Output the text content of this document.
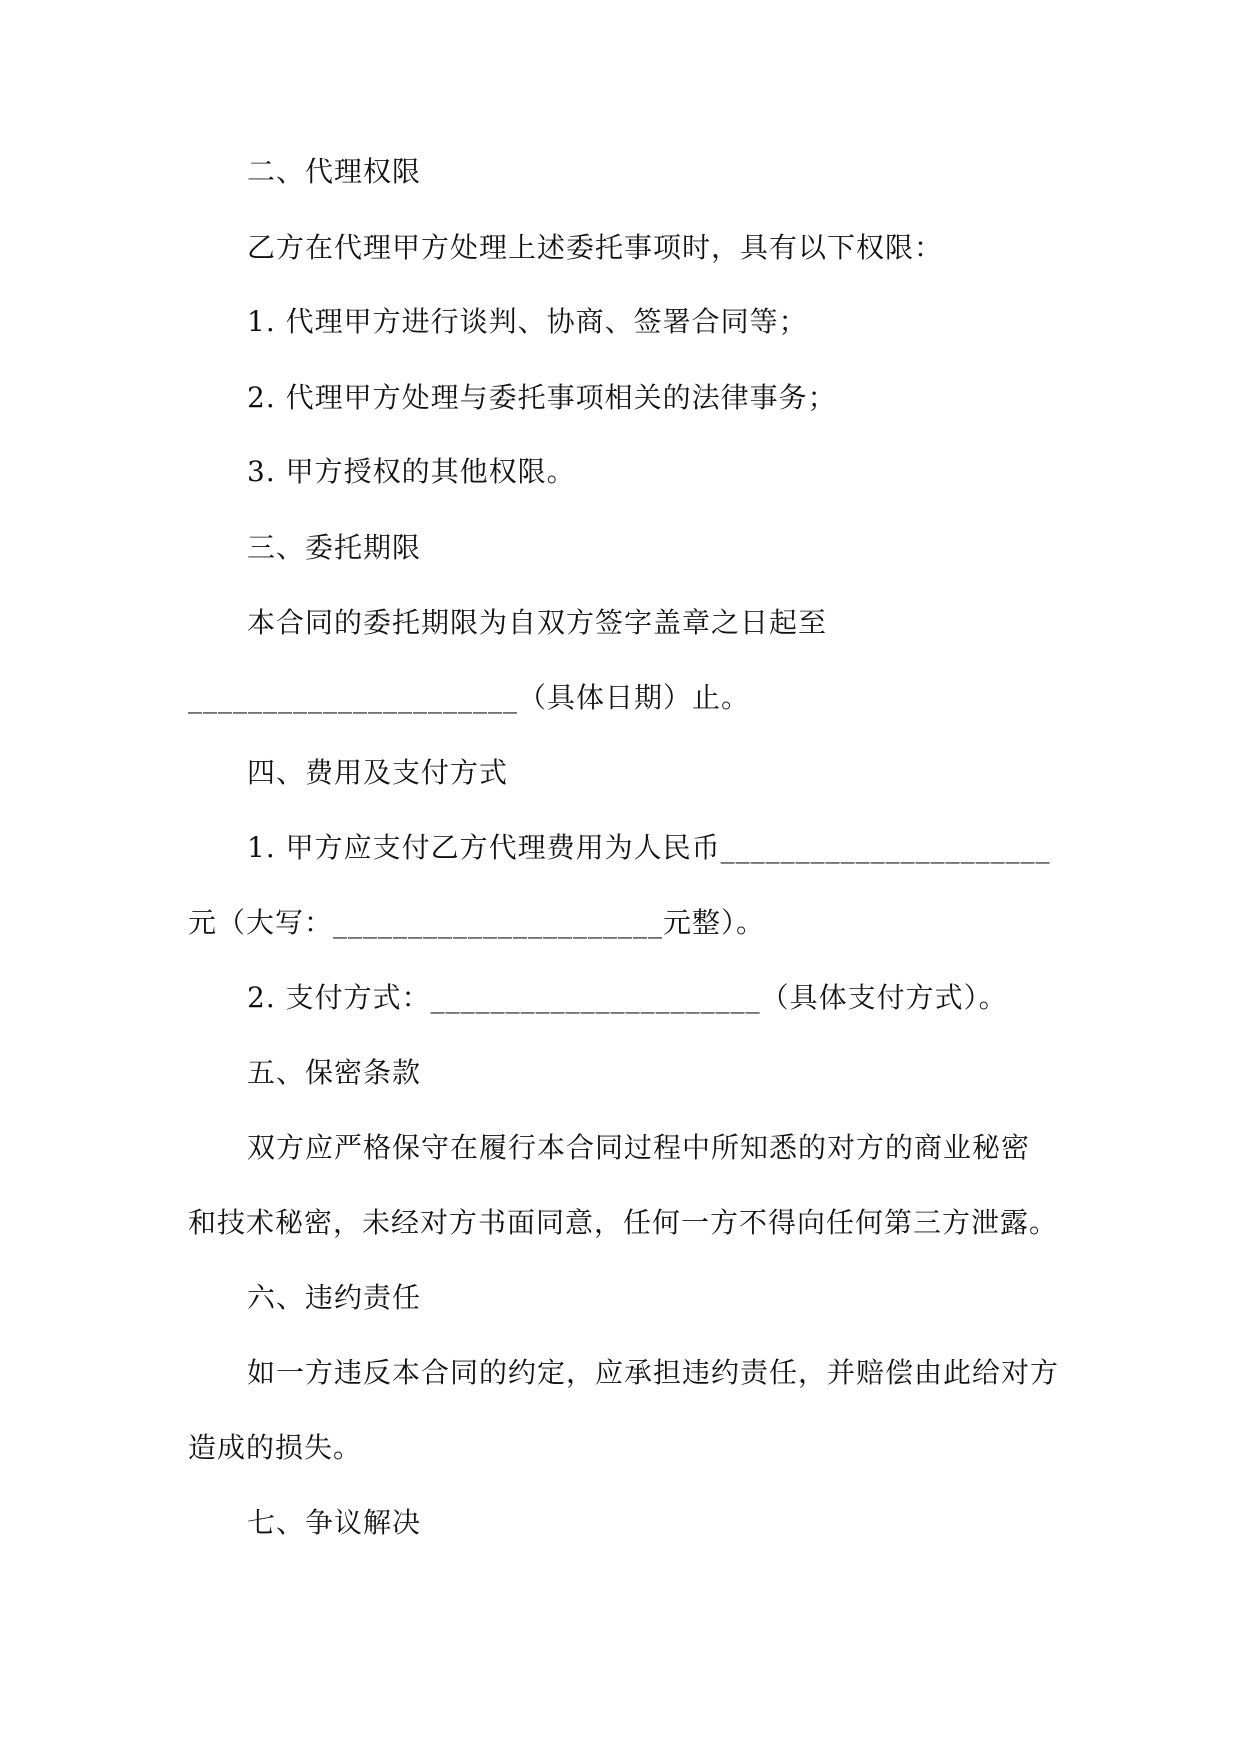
二、代理权限
乙方在代理甲方处理上述委托事项时，具有以下权限：
1. 代理甲方进行谈判、协商、签署合同等；
2. 代理甲方处理与委托事项相关的法律事务；
3. 甲方授权的其他权限。
三、委托期限
本合同的委托期限为自双方签字盖章之日起至
______________________（具体日期）止。
四、费用及支付方式
1. 甲方应支付乙方代理费用为人民币______________________
元（大写：______________________元整）。
2. 支付方式：______________________（具体支付方式）。
五、保密条款
双方应严格保守在履行本合同过程中所知悉的对方的商业秘密
和技术秘密，未经对方书面同意，任何一方不得向任何第三方泄露。
六、违约责任
如一方违反本合同的约定，应承担违约责任，并赔偿由此给对方
造成的损失。
七、争议解决
